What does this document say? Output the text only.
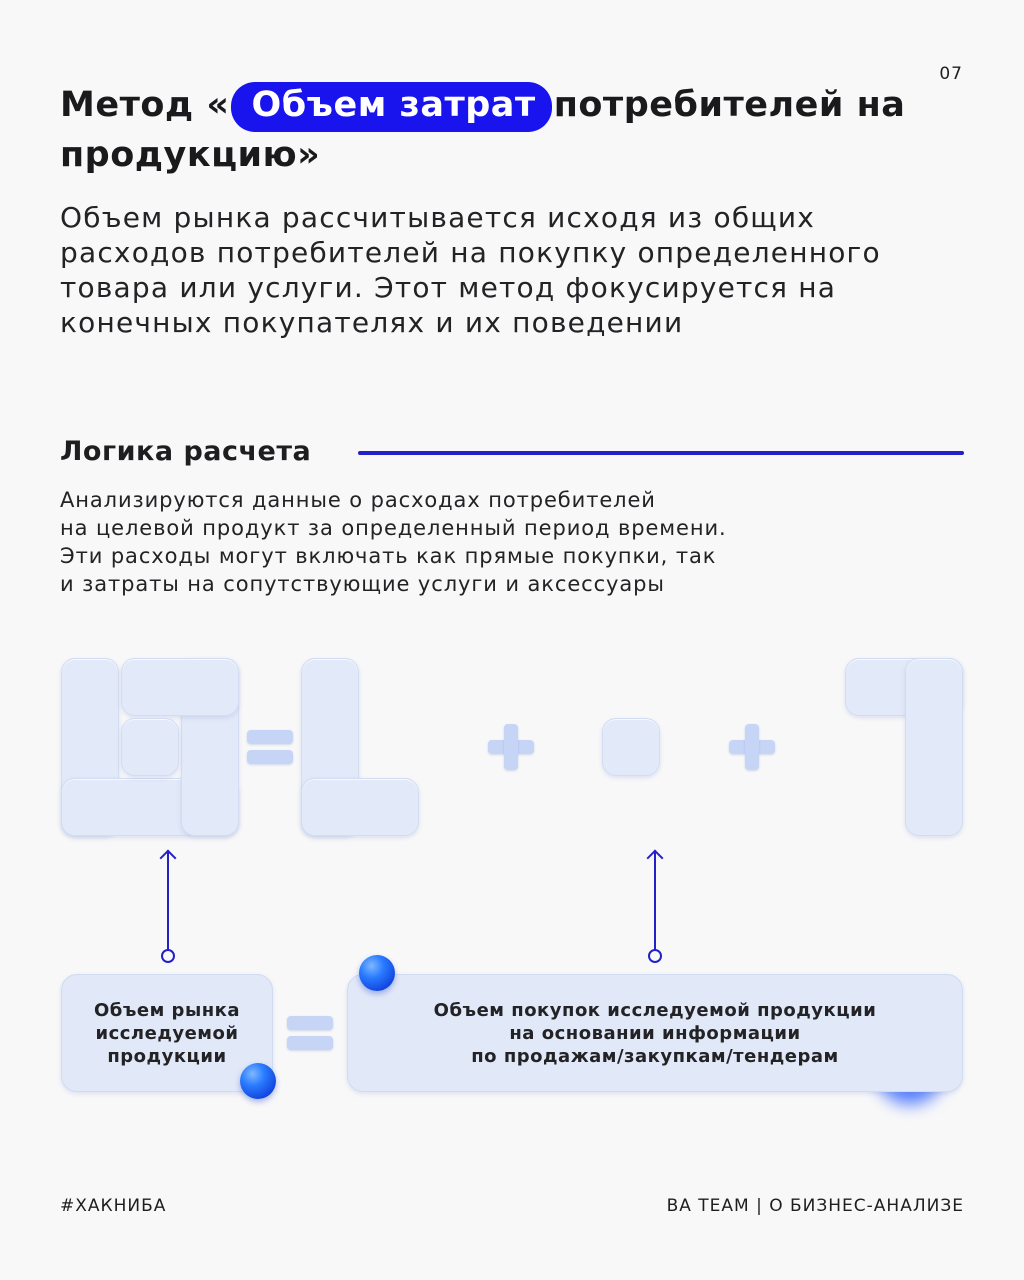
07
Метод « Объем затрат потребителей на продукцию»

Объем рынка рассчитывается исходя из общих расходов потребителей на покупку определенного товара или услуги. Этот метод фокусируется на конечных покупателях и их поведении

Логика расчета
Анализируются данные о расходах потребителей
на целевой продукт за определенный период времени.
Эти расходы могут включать как прямые покупки, так
и затраты на сопутствующие услуги и аксессуары
Объем рынка
исследуемой
продукции
Объем покупок исследуемой продукции
на основании информации
по продажам/закупкам/тендерам
#ХАКНИБА	BA TEAM | О БИЗНЕС-АНАЛИЗЕ
